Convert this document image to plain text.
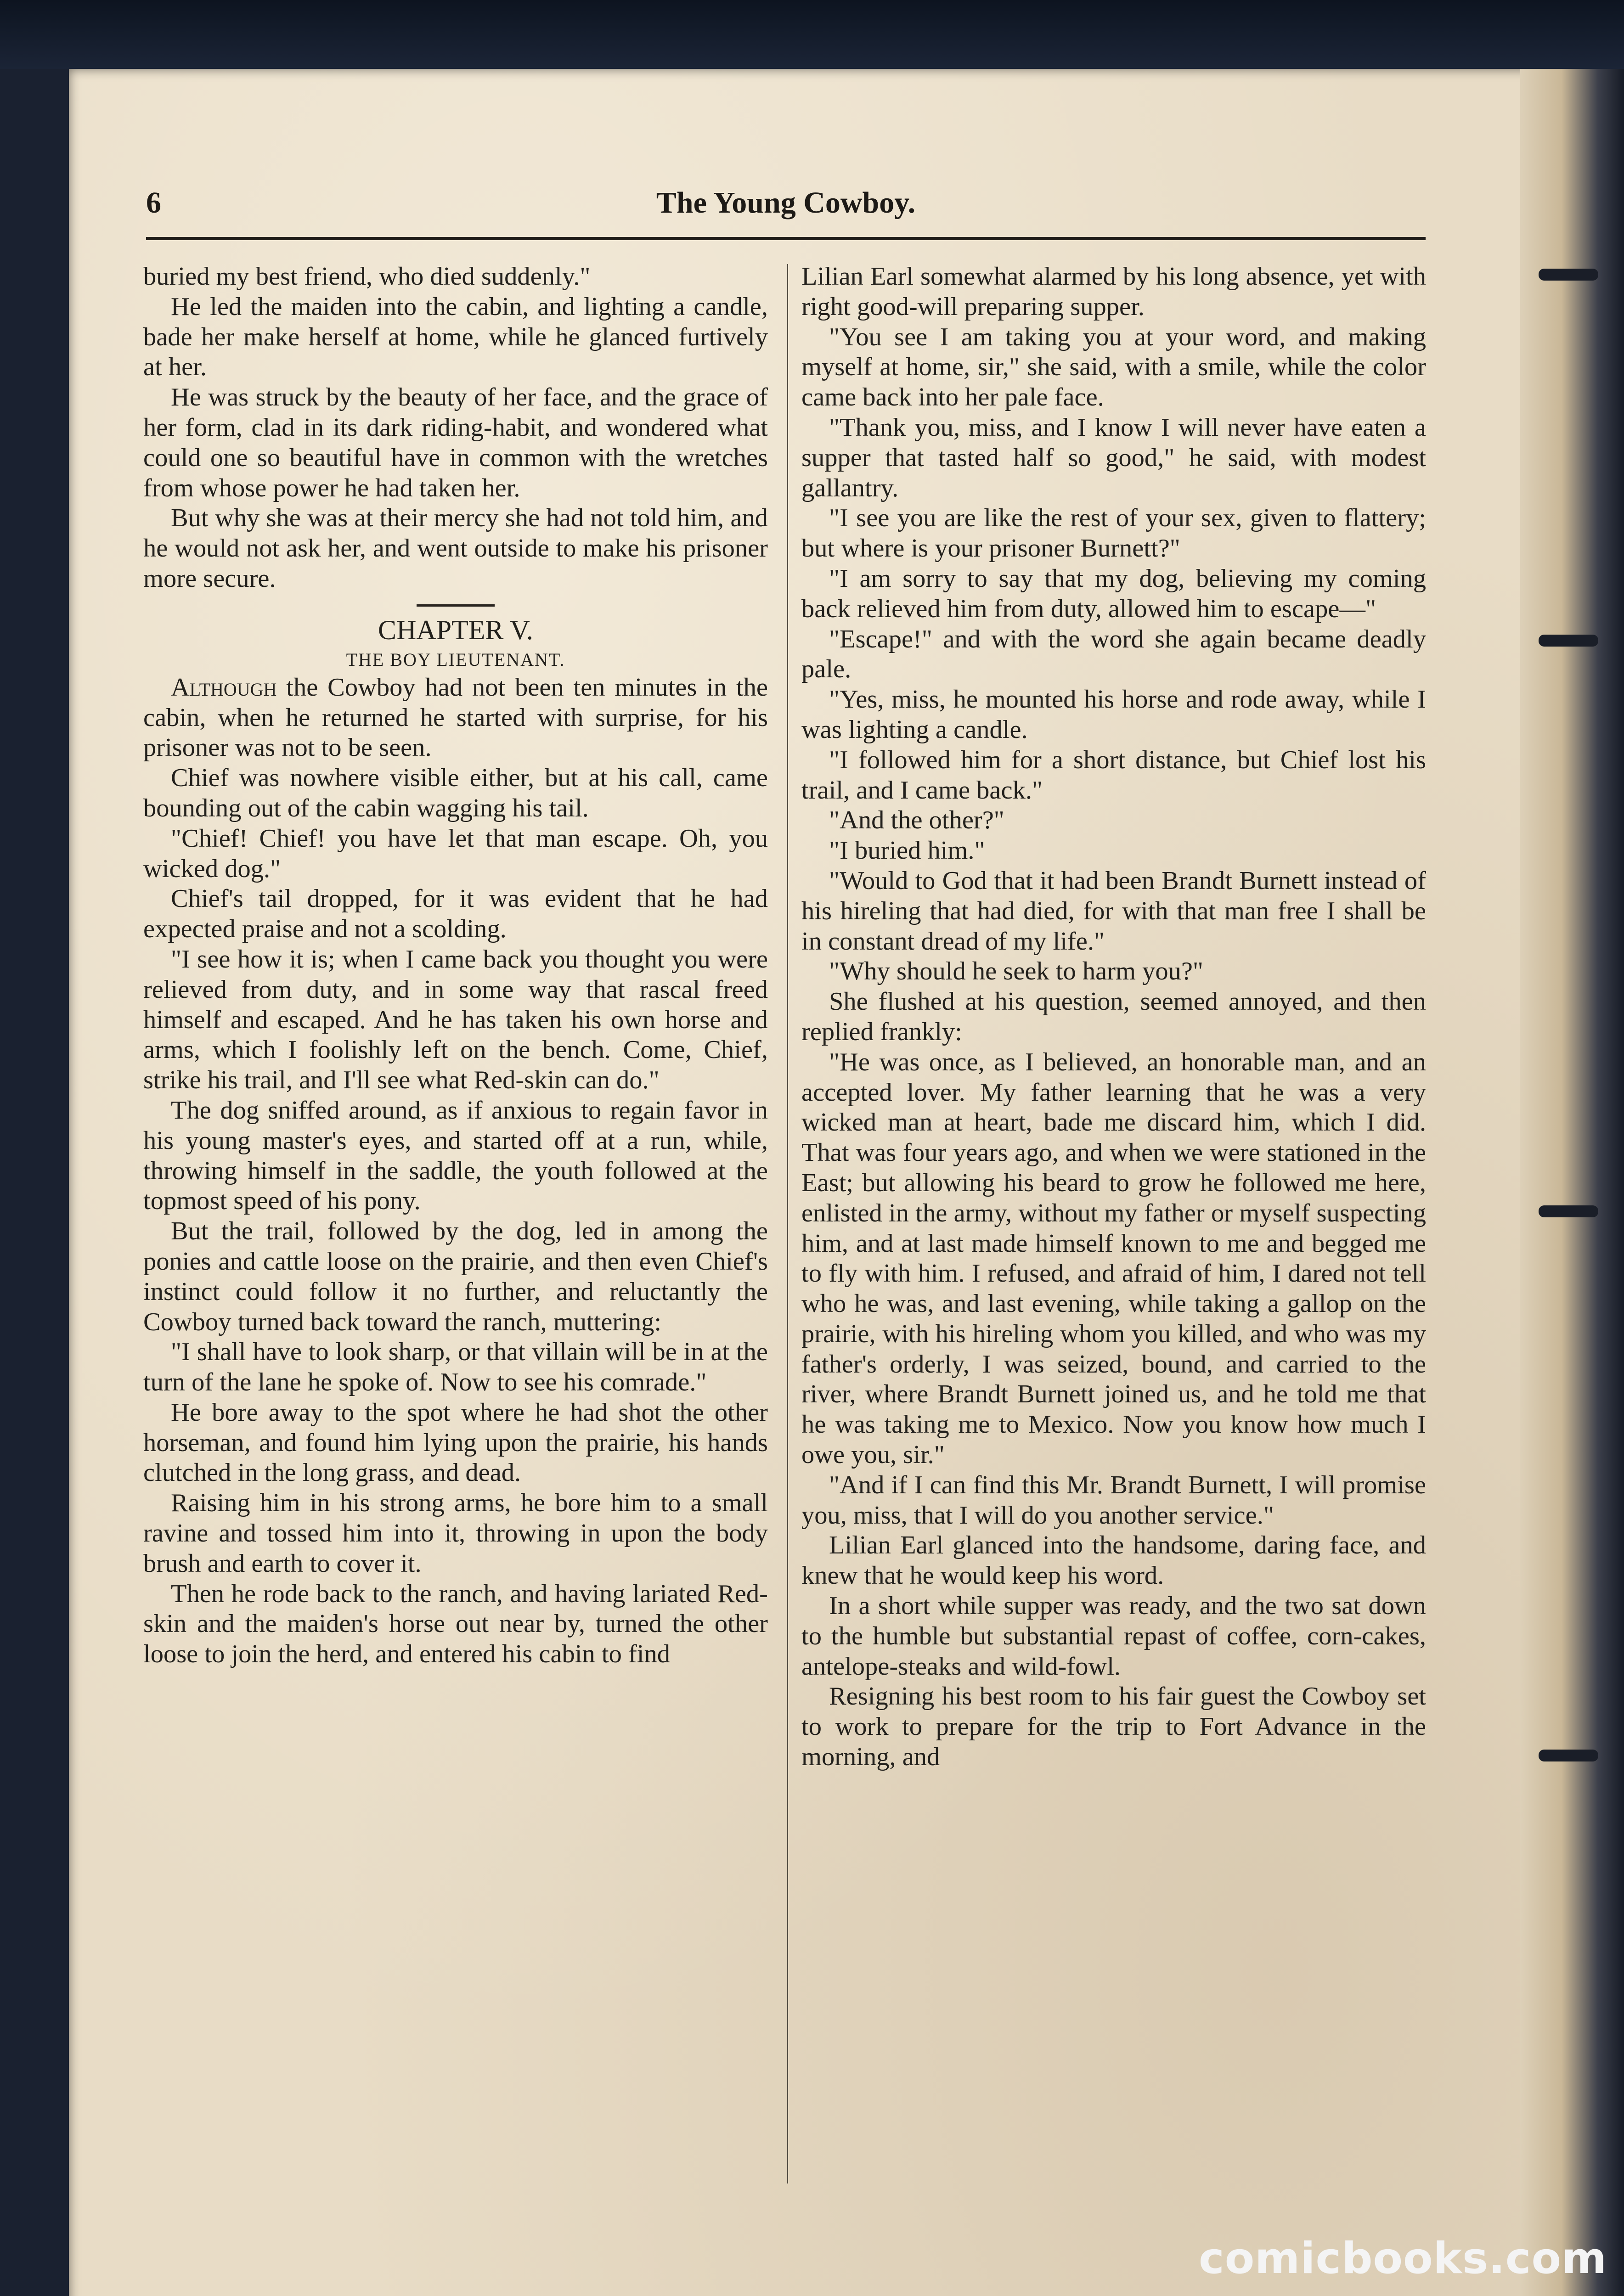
6	The Young Cowboy.

buried my best friend, who died suddenly."

He led the maiden into the cabin, and lighting a candle, bade her make herself at home, while he glanced furtively at her.

He was struck by the beauty of her face, and the grace of her form, clad in its dark riding-habit, and wondered what could one so beautiful have in common with the wretches from whose power he had taken her.

But why she was at their mercy she had not told him, and he would not ask her, and went outside to make his prisoner more secure.

CHAPTER V.
THE BOY LIEUTENANT.

Although the Cowboy had not been ten minutes in the cabin, when he returned he started with surprise, for his prisoner was not to be seen.

Chief was nowhere visible either, but at his call, came bounding out of the cabin wagging his tail.

"Chief! Chief! you have let that man escape. Oh, you wicked dog."

Chief's tail dropped, for it was evident that he had expected praise and not a scolding.

"I see how it is; when I came back you thought you were relieved from duty, and in some way that rascal freed himself and escaped. And he has taken his own horse and arms, which I foolishly left on the bench. Come, Chief, strike his trail, and I'll see what Red-skin can do."

The dog sniffed around, as if anxious to regain favor in his young master's eyes, and started off at a run, while, throwing himself in the saddle, the youth followed at the topmost speed of his pony.

But the trail, followed by the dog, led in among the ponies and cattle loose on the prairie, and then even Chief's instinct could follow it no further, and reluctantly the Cowboy turned back toward the ranch, muttering:

"I shall have to look sharp, or that villain will be in at the turn of the lane he spoke of. Now to see his comrade."

He bore away to the spot where he had shot the other horseman, and found him lying upon the prairie, his hands clutched in the long grass, and dead.

Raising him in his strong arms, he bore him to a small ravine and tossed him into it, throwing in upon the body brush and earth to cover it.

Then he rode back to the ranch, and having lariated Red-skin and the maiden's horse out near by, turned the other loose to join the herd, and entered his cabin to find

Lilian Earl somewhat alarmed by his long absence, yet with right good-will preparing supper.

"You see I am taking you at your word, and making myself at home, sir," she said, with a smile, while the color came back into her pale face.

"Thank you, miss, and I know I will never have eaten a supper that tasted half so good," he said, with modest gallantry.

"I see you are like the rest of your sex, given to flattery; but where is your prisoner Burnett?"

"I am sorry to say that my dog, believing my coming back relieved him from duty, allowed him to escape—"

"Escape!" and with the word she again became deadly pale.

"Yes, miss, he mounted his horse and rode away, while I was lighting a candle.

"I followed him for a short distance, but Chief lost his trail, and I came back."

"And the other?"

"I buried him."

"Would to God that it had been Brandt Burnett instead of his hireling that had died, for with that man free I shall be in constant dread of my life."

"Why should he seek to harm you?"

She flushed at his question, seemed annoyed, and then replied frankly:

"He was once, as I believed, an honorable man, and an accepted lover. My father learning that he was a very wicked man at heart, bade me discard him, which I did. That was four years ago, and when we were stationed in the East; but allowing his beard to grow he followed me here, enlisted in the army, without my father or myself suspecting him, and at last made himself known to me and begged me to fly with him. I refused, and afraid of him, I dared not tell who he was, and last evening, while taking a gallop on the prairie, with his hireling whom you killed, and who was my father's orderly, I was seized, bound, and carried to the river, where Brandt Burnett joined us, and he told me that he was taking me to Mexico. Now you know how much I owe you, sir."

"And if I can find this Mr. Brandt Burnett, I will promise you, miss, that I will do you another service."

Lilian Earl glanced into the handsome, daring face, and knew that he would keep his word.

In a short while supper was ready, and the two sat down to the humble but substantial repast of coffee, corn-cakes, antelope-steaks and wild-fowl.

Resigning his best room to his fair guest the Cowboy set to work to prepare for the trip to Fort Advance in the morning, and

comicbooks.com
